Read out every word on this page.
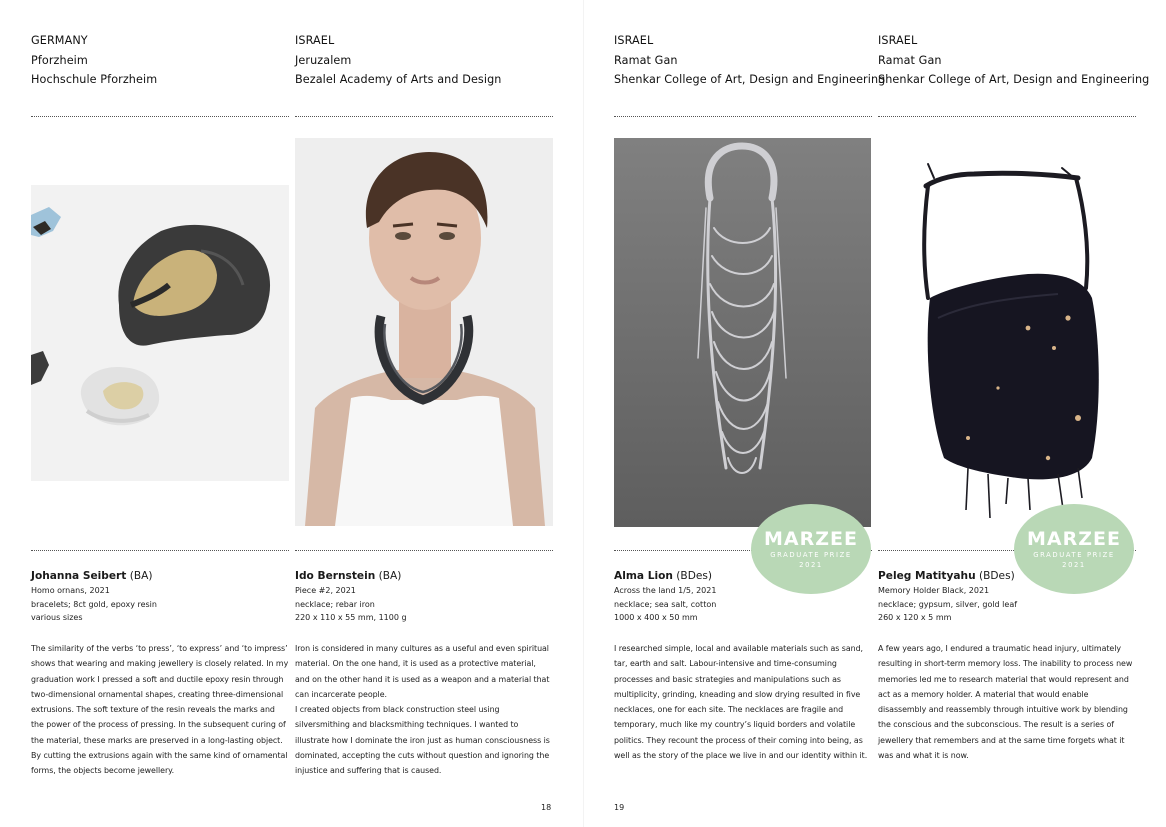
GERMANY
Pforzheim
Hochschule Pforzheim
Johanna Seibert (BA)
Homo ornans, 2021
bracelets; 8ct gold, epoxy resin
various sizes

The similarity of the verbs ‘to press’, ‘to express’ and ‘to impress’ shows that wearing and making jewellery is closely related. In my graduation work I pressed a soft and ductile epoxy resin through two-dimensional ornamental shapes, creating three-dimensional extrusions. The soft texture of the resin reveals the marks and the power of the process of pressing. In the subsequent curing of the material, these marks are preserved in a long-lasting object. By cutting the extrusions again with the same kind of ornamental forms, the objects become jewellery.

ISRAEL
Jeruzalem
Bezalel Academy of Arts and Design
Ido Bernstein (BA)
Piece #2, 2021
necklace; rebar iron
220 x 110 x 55 mm, 1100 g

Iron is considered in many cultures as a useful and even spiritual material. On the one hand, it is used as a protective material, and on the other hand it is used as a weapon and a material that can incarcerate people.

I created objects from black construction steel using silversmithing and blacksmithing techniques. I wanted to illustrate how I dominate the iron just as human consciousness is dominated, accepting the cuts without question and ignoring the injustice and suffering that is caused.

18
ISRAEL
Ramat Gan
Shenkar College of Art, Design and Engineering
Alma Lion (BDes)
Across the land 1/5, 2021
necklace; sea salt, cotton
1000 x 400 x 50 mm

I researched simple, local and available materials such as sand, tar, earth and salt. Labour-intensive and time-consuming processes and basic strategies and manipulations such as multiplicity, grinding, kneading and slow drying resulted in five necklaces, one for each site. The necklaces are fragile and temporary, much like my country’s liquid borders and volatile politics. They recount the process of their coming into being, as well as the story of the place we live in and our identity within it.

19
ISRAEL
Ramat Gan
Shenkar College of Art, Design and Engineering
Peleg Matityahu (BDes)
Memory Holder Black, 2021
necklace; gypsum, silver, gold leaf
260 x 120 x 5 mm

A few years ago, I endured a traumatic head injury, ultimately resulting in short-term memory loss. The inability to process new memories led me to research material that would represent and act as a memory holder. A material that would enable disassembly and reassembly through intuitive work by blending the conscious and the subconscious. The result is a series of jewellery that remembers and at the same time forgets what it was and what it is now.

MARZEE
GRADUATE PRIZE
2021
MARZEE
GRADUATE PRIZE
2021
